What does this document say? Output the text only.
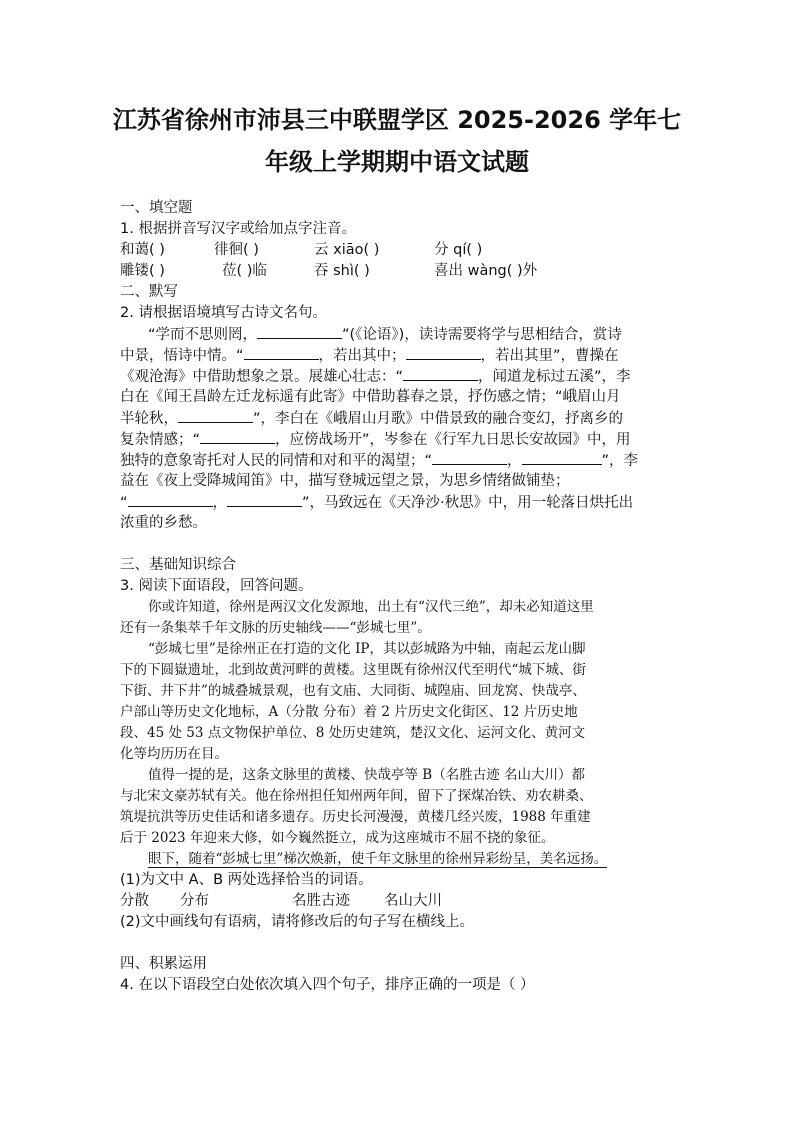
江苏省徐州市沛县三中联盟学区 2025-2026 学年七
年级上学期期中语文试题
一、填空题
1. 根据拼音写汉字或给加点字注音。
和蔼( )	徘徊( )	云 xiāo( )	分 qí( )
雕镂( )	莅( )临	吞 shì( )	喜出 wàng( )外
二、默写
2. 请根据语境填写古诗文名句。
“学而不思则罔，	”(《论语》)，读诗需要将学与思相结合，赏诗
中景，悟诗中情。“	，若出其中；	，若出其里”，曹操在
《观沧海》中借助想象之景。展雄心壮志：“	，闻道龙标过五溪”，李
白在《闻王昌龄左迁龙标遥有此寄》中借助暮春之景，抒伤感之情；“峨眉山月
半轮秋，	”，李白在《峨眉山月歌》中借景致的融合变幻，抒离乡的
复杂情感；“	，应傍战场开”，岑参在《行军九日思长安故园》中，用
独特的意象寄托对人民的同情和对和平的渴望；“	，	”，李
益在《夜上受降城闻笛》中，描写登城远望之景，为思乡情绪做铺垫；
“	，	”，马致远在《天净沙·秋思》中，用一轮落日烘托出
浓重的乡愁。
三、基础知识综合
3. 阅读下面语段，回答问题。
你或许知道，徐州是两汉文化发源地，出土有“汉代三绝”，却未必知道这里
还有一条集萃千年文脉的历史轴线——“彭城七里”。
“彭城七里”是徐州正在打造的文化 IP，其以彭城路为中轴，南起云龙山脚
下的下圆嶽遗址，北到故黄河畔的黄楼。这里既有徐州汉代至明代“城下城、街
下街、井下井”的城叠城景观，也有文庙、大同街、城隍庙、回龙窝、快哉亭、
户部山等历史文化地标，A（分散 分布）着 2 片历史文化街区、12 片历史地
段、45 处 53 点文物保护单位、8 处历史建筑，楚汉文化、运河文化、黄河文
化等均历历在目。
值得一提的是，这条文脉里的黄楼、快哉亭等 B（名胜古迹 名山大川）都
与北宋文豪苏轼有关。他在徐州担任知州两年间，留下了探煤冶铁、劝农耕桑、
筑堤抗洪等历史佳话和诸多遗存。历史长河漫漫，黄楼几经兴废，1988 年重建
后于 2023 年迎来大修，如今巍然挺立，成为这座城市不屈不挠的象征。
眼下，随着“彭城七里”梯次焕新，使千年文脉里的徐州异彩纷呈，美名远扬。
(1)为文中 A、B 两处选择恰当的词语。
分散 分布	名胜古迹 名山大川
(2)文中画线句有语病，请将修改后的句子写在横线上。
四、积累运用
4. 在以下语段空白处依次填入四个句子，排序正确的一项是（ ）
